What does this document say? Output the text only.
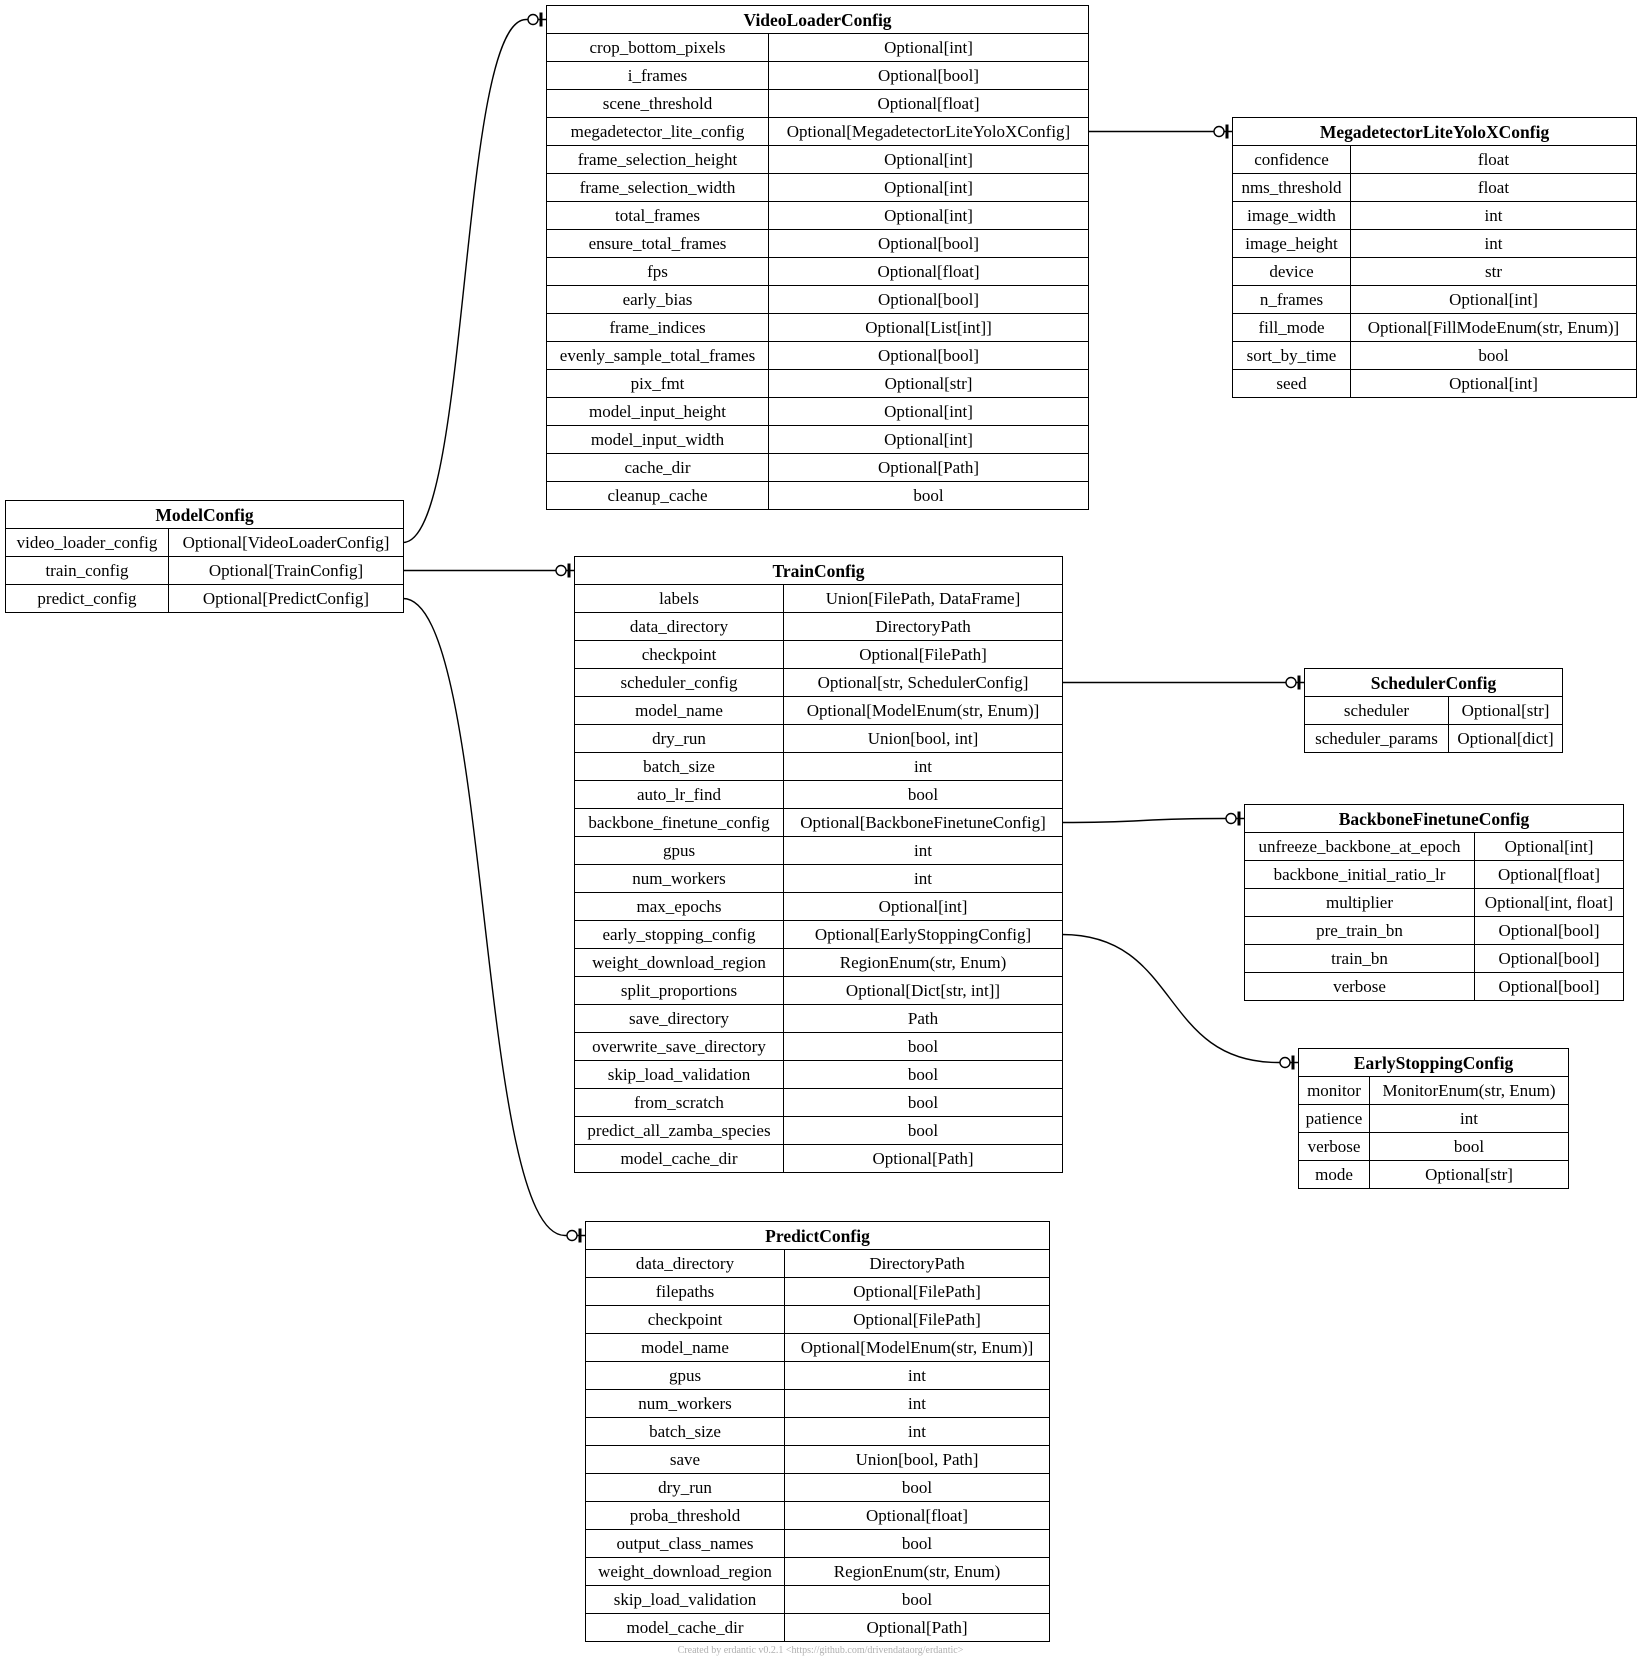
ModelConfig	
video_loader_config	Optional[VideoLoaderConfig]
train_config	Optional[TrainConfig]
predict_config	Optional[PredictConfig]
VideoLoaderConfig	
crop_bottom_pixels	Optional[int]
i_frames	Optional[bool]
scene_threshold	Optional[float]
megadetector_lite_config	Optional[MegadetectorLiteYoloXConfig]
frame_selection_height	Optional[int]
frame_selection_width	Optional[int]
total_frames	Optional[int]
ensure_total_frames	Optional[bool]
fps	Optional[float]
early_bias	Optional[bool]
frame_indices	Optional[List[int]]
evenly_sample_total_frames	Optional[bool]
pix_fmt	Optional[str]
model_input_height	Optional[int]
model_input_width	Optional[int]
cache_dir	Optional[Path]
cleanup_cache	bool
MegadetectorLiteYoloXConfig	
confidence	float
nms_threshold	float
image_width	int
image_height	int
device	str
n_frames	Optional[int]
fill_mode	Optional[FillModeEnum(str, Enum)]
sort_by_time	bool
seed	Optional[int]
TrainConfig	
labels	Union[FilePath, DataFrame]
data_directory	DirectoryPath
checkpoint	Optional[FilePath]
scheduler_config	Optional[str, SchedulerConfig]
model_name	Optional[ModelEnum(str, Enum)]
dry_run	Union[bool, int]
batch_size	int
auto_lr_find	bool
backbone_finetune_config	Optional[BackboneFinetuneConfig]
gpus	int
num_workers	int
max_epochs	Optional[int]
early_stopping_config	Optional[EarlyStoppingConfig]
weight_download_region	RegionEnum(str, Enum)
split_proportions	Optional[Dict[str, int]]
save_directory	Path
overwrite_save_directory	bool
skip_load_validation	bool
from_scratch	bool
predict_all_zamba_species	bool
model_cache_dir	Optional[Path]
SchedulerConfig	
scheduler	Optional[str]
scheduler_params	Optional[dict]
BackboneFinetuneConfig	
unfreeze_backbone_at_epoch	Optional[int]
backbone_initial_ratio_lr	Optional[float]
multiplier	Optional[int, float]
pre_train_bn	Optional[bool]
train_bn	Optional[bool]
verbose	Optional[bool]
EarlyStoppingConfig	
monitor	MonitorEnum(str, Enum)
patience	int
verbose	bool
mode	Optional[str]
PredictConfig	
data_directory	DirectoryPath
filepaths	Optional[FilePath]
checkpoint	Optional[FilePath]
model_name	Optional[ModelEnum(str, Enum)]
gpus	int
num_workers	int
batch_size	int
save	Union[bool, Path]
dry_run	bool
proba_threshold	Optional[float]
output_class_names	bool
weight_download_region	RegionEnum(str, Enum)
skip_load_validation	bool
model_cache_dir	Optional[Path]
Created by erdantic v0.2.1 <https://github.com/drivendataorg/erdantic>
